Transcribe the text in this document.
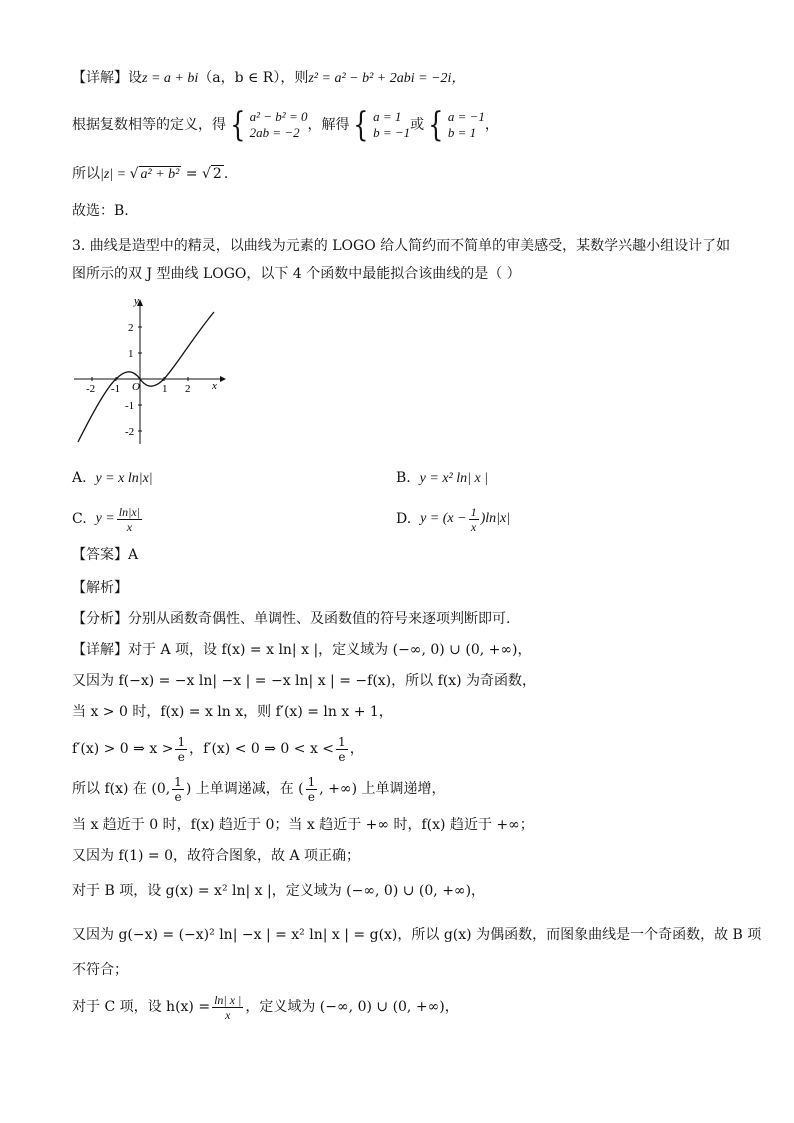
【详解】设z = a + bi（a，b ∈ R），则z² = a² − b² + 2abi = −2i，
根据复数相等的定义，得 { a² − b² = 0
2ab = −2 ，解得 { a = 1
b = −1 或 { a = −1
b = 1 ，
所以|z| = √ a² + b² = √ 2 ．
故选：B.
3. 曲线是造型中的精灵，以曲线为元素的 LOGO 给人简约而不简单的审美感受，某数学兴趣小组设计了如
图所示的双 J 型曲线 LOGO，以下 4 个函数中最能拟合该曲线的是（ ）
x
y
O
-2 -1	1 2
2
1
-1
-2
A. y = x ln|x|	B. y = x² ln| x |
C.
$y = \frac{\ln|x|}{x}$	D.
$y = (x - \frac{1}{x} )\ln|x|$
【答案】A
【解析】
【分析】分别从函数奇偶性、单调性、及函数值的符号来逐项判断即可.
【详解】对于 A 项，设 f(x) = x ln| x |，定义域为 (−∞, 0) ∪ (0, +∞)，
又因为 f(−x) = −x ln| −x | = −x ln| x | = −f(x)，所以 f(x) 为奇函数，
当 x > 0 时，f(x) = x ln x，则 f′(x) = ln x + 1，
f′(x) > 0 ⇒ $x > \frac{1}{e}$ ，f′(x) < 0 ⇒ $0 < x < \frac{1}{e}$ ，
所以 f(x) 在 (0, $\frac{1}{e}$ ) 上单调递减，在 ( $\frac{1}{e}$ , +∞) 上单调递增，
当 x 趋近于 0 时，f(x) 趋近于 0；当 x 趋近于 +∞ 时，f(x) 趋近于 +∞；
又因为 f(1) = 0，故符合图象，故 A 项正确；
对于 B 项，设 g(x) = x² ln| x |，定义域为 (−∞, 0) ∪ (0, +∞)，
又因为 g(−x) = (−x)² ln| −x | = x² ln| x | = g(x)，所以 g(x) 为偶函数，而图象曲线是一个奇函数，故 B 项
不符合；
对于 C 项，设 $h(x) = \frac{\ln| x |}{x}$ ，定义域为 (−∞, 0) ∪ (0, +∞)，
